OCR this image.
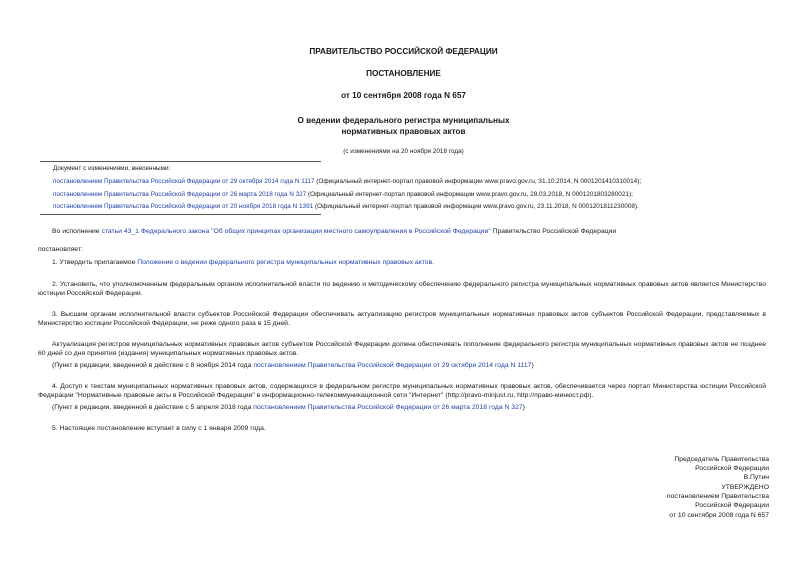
ПРАВИТЕЛЬСТВО РОССИЙСКОЙ ФЕДЕРАЦИИ
ПОСТАНОВЛЕНИЕ
от 10 сентября 2008 года N 657
О ведении федерального регистра муниципальных
нормативных правовых актов
(с изменениями на 20 ноября 2018 года)
Документ с изменениями, внесенными:
постановлением Правительства Российской Федерации от 29 октября 2014 года N 1117 (Официальный интернет-портал правовой информации www.pravo.gov.ru, 31.10.2014, N 0001201410310014);
постановлением Правительства Российской Федерации от 26 марта 2018 года N 327 (Официальный интернет-портал правовой информации www.pravo.gov.ru, 28.03.2018, N 0001201803280021);
постановлением Правительства Российской Федерации от 20 ноября 2018 года N 1391 (Официальный интернет-портал правовой информации www.pravo.gov.ru, 23.11.2018, N 0001201811230008).
Во исполнение статьи 43_1 Федерального закона "Об общих принципах организации местного самоуправления в Российской Федерации" Правительство Российской Федерации
постановляет:
1. Утвердить прилагаемое Положение о ведении федерального регистра муниципальных нормативных правовых актов.
2. Установить, что уполномоченным федеральным органом исполнительной власти по ведению и методическому обеспечению федерального регистра муниципальных нормативных правовых актов является Министерство юстиции Российской Федерации.
3. Высшим органам исполнительной власти субъектов Российской Федерации обеспечивать актуализацию регистров муниципальных нормативных правовых актов субъектов Российской Федерации, представляемых в Министерство юстиции Российской Федерации, не реже одного раза в 15 дней.
Актуализация регистров муниципальных нормативных правовых актов субъектов Российской Федерации должна обеспечивать пополнение федерального регистра муниципальных нормативных правовых актов не позднее 60 дней со дня принятия (издания) муниципальных нормативных правовых актов.
(Пункт в редакции, введенной в действие с 8 ноября 2014 года постановлением Правительства Российской Федерации от 29 октября 2014 года N 1117)
4. Доступ к текстам муниципальных нормативных правовых актов, содержащихся в федеральном регистре муниципальных нормативных правовых актов, обеспечивается через портал Министерства юстиции Российской Федерации "Нормативные правовые акты в Российской Федерации" в информационно-телекоммуникационной сети "Интернет" (http://pravo-minjust.ru, http://право-минюст.рф).
(Пункт в редакции, введенной в действие с 5 апреля 2018 года постановлением Правительства Российской Федерации от 26 марта 2018 года N 327)
5. Настоящее постановление вступает в силу с 1 января 2009 года.
Председатель Правительства
Российской Федерации
В.Путин
УТВЕРЖДЕНО
постановлением Правительства
Российской Федерации
от 10 сентября 2008 года N 657
